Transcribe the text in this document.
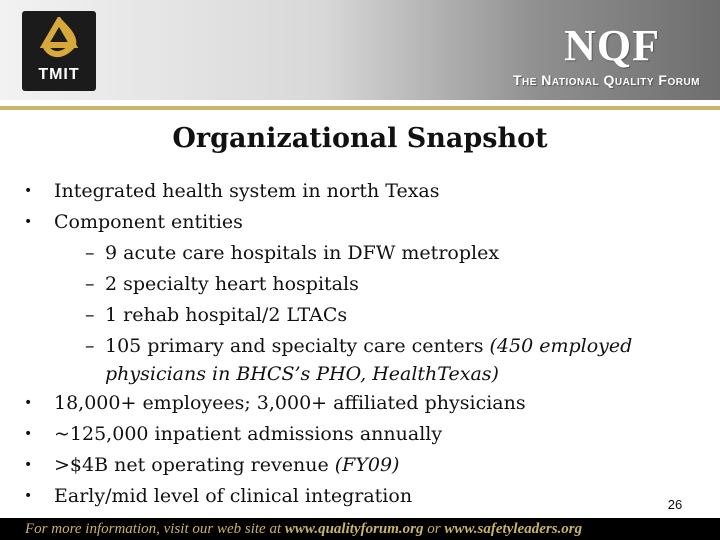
TMIT
NQF
The National Quality Forum
Organizational Snapshot
• Integrated health system in north Texas
• Component entities
– 9 acute care hospitals in DFW metroplex
– 2 specialty heart hospitals
– 1 rehab hospital/2 LTACs
– 105 primary and specialty care centers (450 employed
physicians in BHCS’s PHO, HealthTexas)
• 18,000+ employees; 3,000+ affiliated physicians
• ~125,000 inpatient admissions annually
• >$4B net operating revenue (FY09)
• Early/mid level of clinical integration	26
For more information, visit our web site at www.qualityforum.org or www.safetyleaders.org
